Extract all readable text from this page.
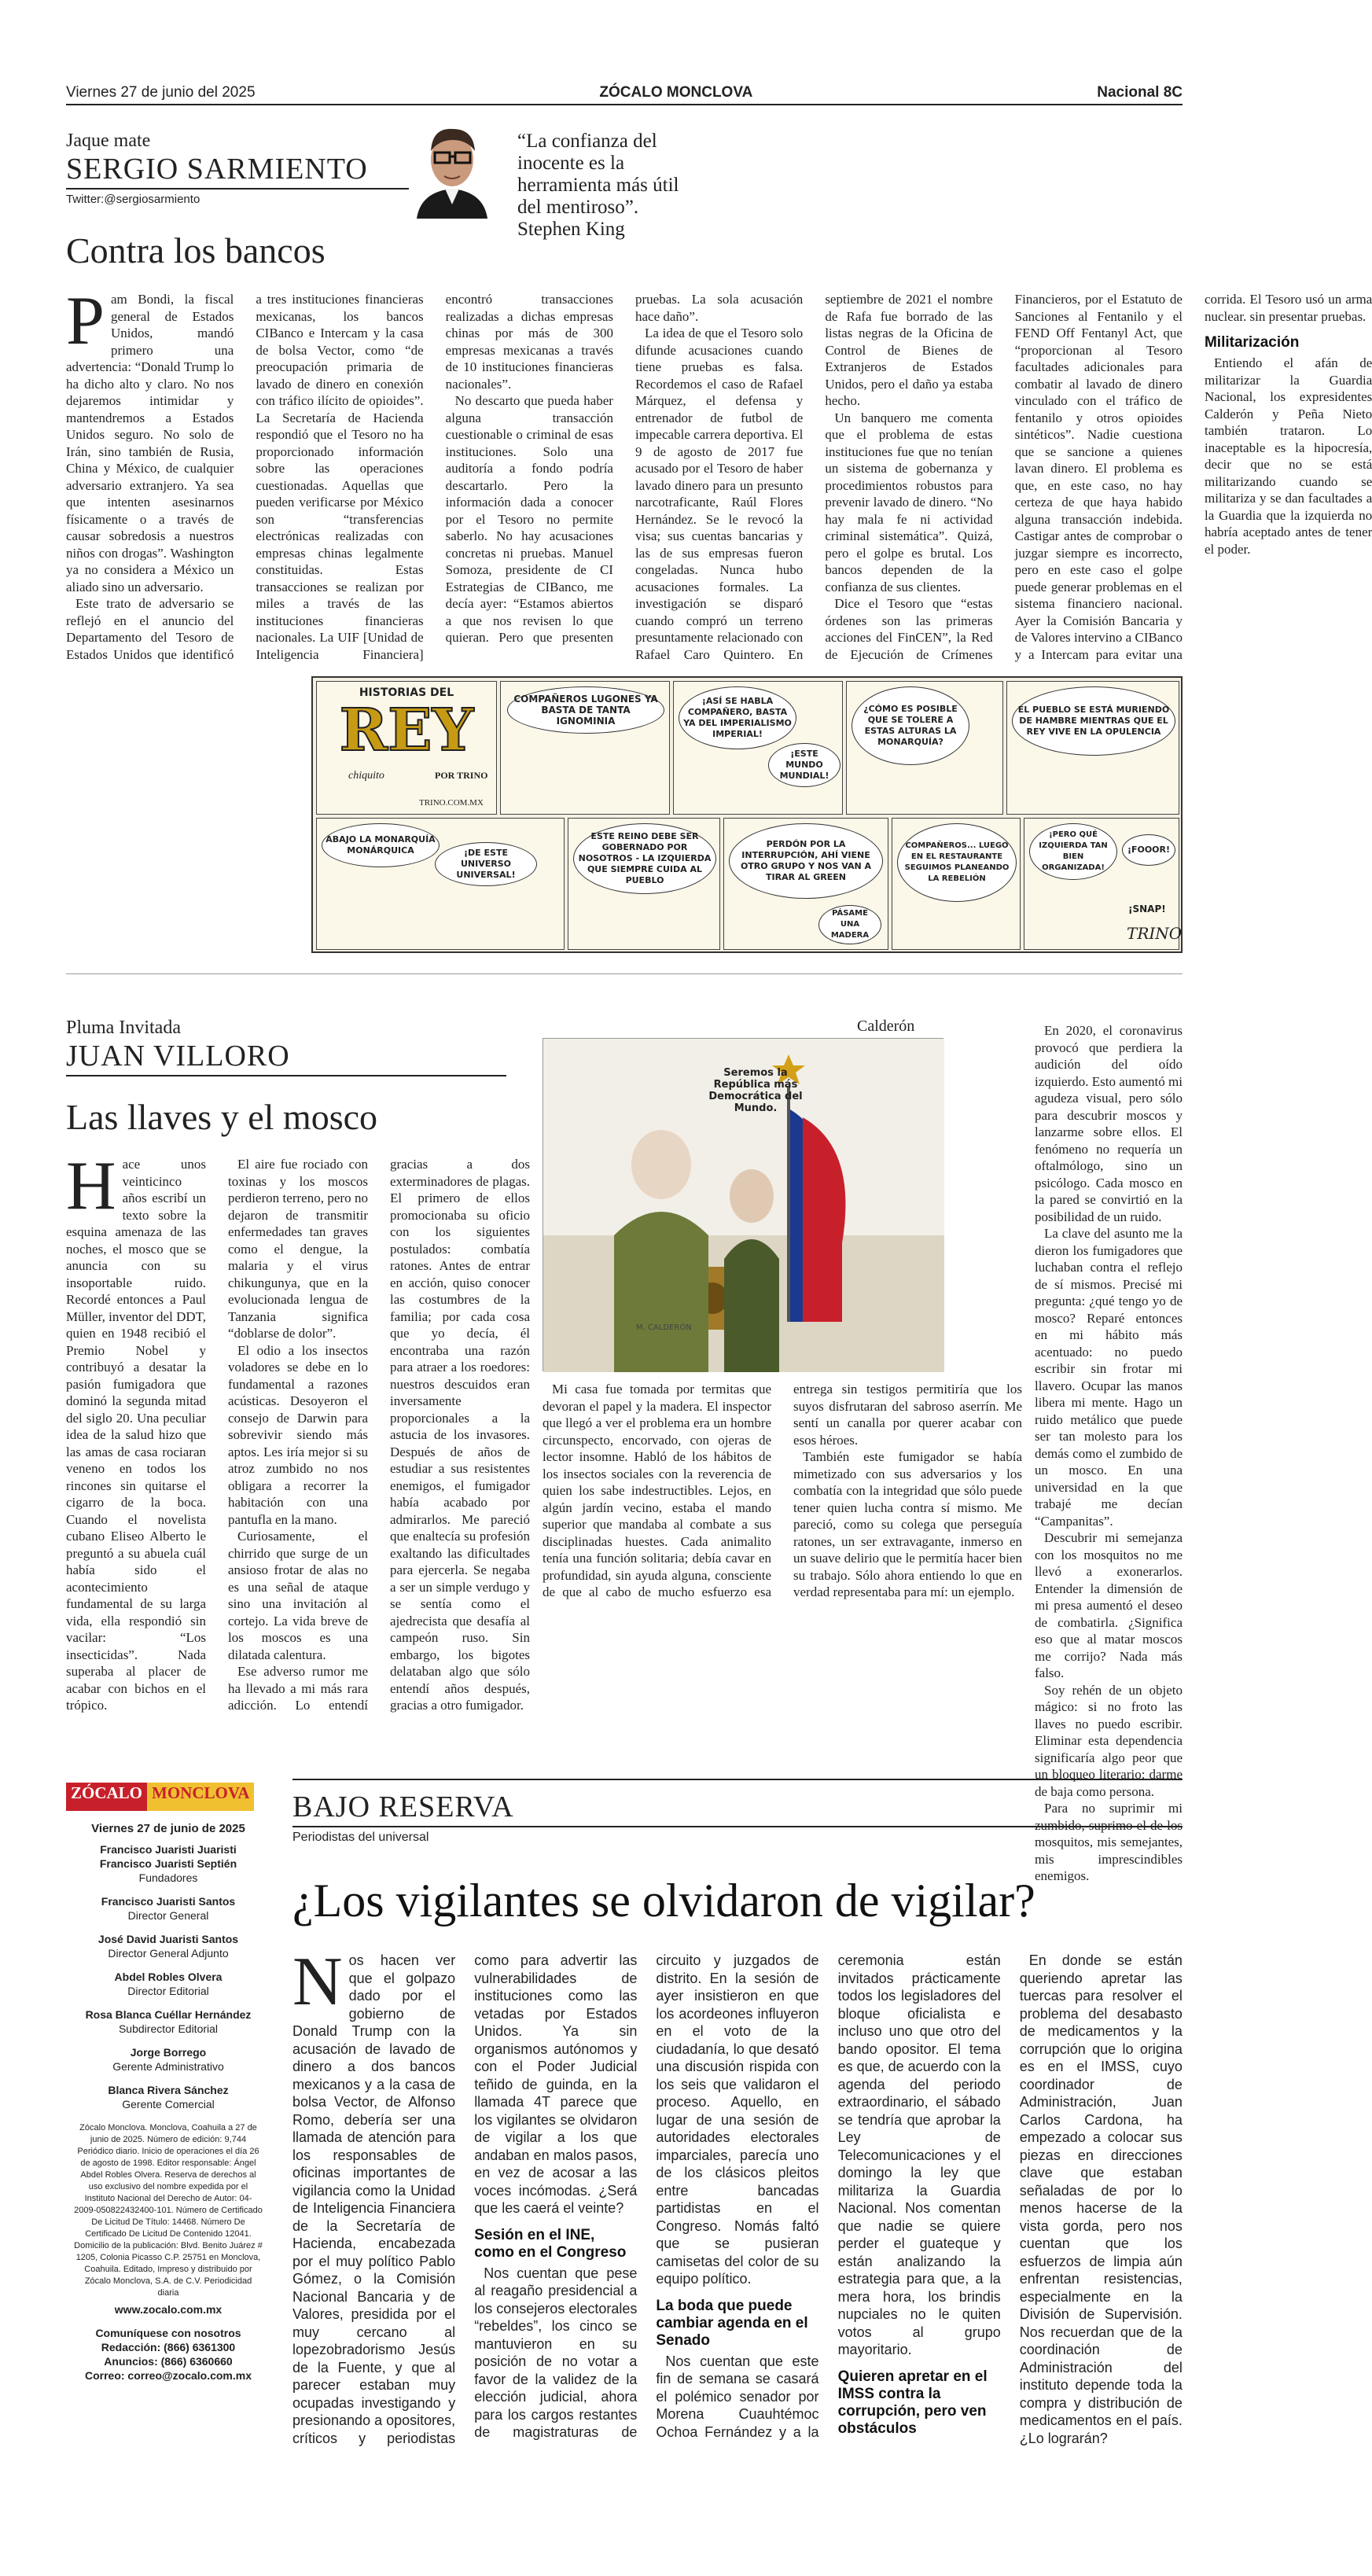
Viernes 27 de junio del 2025	ZÓCALO MONCLOVA	Nacional 8C
Jaque mate
SERGIO SARMIENTO
Twitter:@sergiosarmiento
“La confianza del inocente es la herramienta más útil del mentiroso”.
Stephen King
Contra los bancos

Pam Bondi, la fiscal general de Estados Unidos, mandó primero una advertencia: “Donald Trump lo ha dicho alto y claro. No nos dejaremos intimidar y mantendremos a Estados Unidos seguro. No solo de Irán, sino también de Rusia, China y México, de cualquier adversario extranjero. Ya sea que intenten asesinarnos físicamente o a través de causar sobredosis a nuestros niños con drogas”. Washington ya no considera a México un aliado sino un adversario.

Este trato de adversario se reflejó en el anuncio del Departamento del Tesoro de Estados Unidos que identificó a tres instituciones financieras mexicanas, los bancos CIBanco e Intercam y la casa de bolsa Vector, como “de preocupación primaria de lavado de dinero en conexión con tráfico ilícito de opioides”. La Secretaría de Hacienda respondió que el Tesoro no ha proporcionado información sobre las operaciones cuestionadas. Aquellas que pueden verificarse por México son “transferencias electrónicas realizadas con empresas chinas legalmente constituidas. Estas transacciones se realizan por miles a través de las instituciones financieras nacionales. La UIF [Unidad de Inteligencia Financiera] encontró transacciones realizadas a dichas empresas chinas por más de 300 empresas mexicanas a través de 10 instituciones financieras nacionales”.

No descarto que pueda haber alguna transacción cuestionable o criminal de esas instituciones. Solo una auditoría a fondo podría descartarlo. Pero la información dada a conocer por el Tesoro no permite saberlo. No hay acusaciones concretas ni pruebas. Manuel Somoza, presidente de CI Estrategias de CIBanco, me decía ayer: “Estamos abiertos a que nos revisen lo que quieran. Pero que presenten pruebas. La sola acusación hace daño”.

La idea de que el Tesoro solo difunde acusaciones cuando tiene pruebas es falsa. Recordemos el caso de Rafael Márquez, el defensa y entrenador de futbol de impecable carrera deportiva. El 9 de agosto de 2017 fue acusado por el Tesoro de haber lavado dinero para un presunto narcotraficante, Raúl Flores Hernández. Se le revocó la visa; sus cuentas bancarias y las de sus empresas fueron congeladas. Nunca hubo acusaciones formales. La investigación se disparó cuando compró un terreno presuntamente relacionado con Rafael Caro Quintero. En septiembre de 2021 el nombre de Rafa fue borrado de las listas negras de la Oficina de Control de Bienes de Extranjeros de Estados Unidos, pero el daño ya estaba hecho.

Un banquero me comenta que el problema de estas instituciones fue que no tenían un sistema de gobernanza y procedimientos robustos para prevenir lavado de dinero. “No hay mala fe ni actividad criminal sistemática”. Quizá, pero el golpe es brutal. Los bancos dependen de la confianza de sus clientes.

Dice el Tesoro que “estas órdenes son las primeras acciones del FinCEN”, la Red de Ejecución de Crímenes Financieros, por el Estatuto de Sanciones al Fentanilo y el FEND Off Fentanyl Act, que “proporcionan al Tesoro facultades adicionales para combatir al lavado de dinero vinculado con el tráfico de fentanilo y otros opioides sintéticos”. Nadie cuestiona que se sancione a quienes lavan dinero. El problema es que, en este caso, no hay certeza de que haya habido alguna transacción indebida. Castigar antes de comprobar o juzgar siempre es incorrecto, pero en este caso el golpe puede generar problemas en el sistema financiero nacional. Ayer la Comisión Bancaria y de Valores intervino a CIBanco y a Intercam para evitar una corrida. El Tesoro usó un arma nuclear. sin presentar pruebas.

Militarización

Entiendo el afán de militarizar la Guardia Nacional, los expresidentes Calderón y Peña Nieto también trataron. Lo inaceptable es la hipocresía, decir que no se está militarizando cuando se militariza y se dan facultades a la Guardia que la izquierda no habría aceptado antes de tener el poder.

HISTORIAS DEL
REY
chiquito	POR TRINO
TRINO.COM.MX
COMPAÑEROS LUGONES YA BASTA DE TANTA IGNOMINIA
¡ASÍ SE HABLA COMPAÑERO, BASTA YA DEL IMPERIALISMO IMPERIAL!
¡ESTE MUNDO MUNDIAL!
¿CÓMO ES POSIBLE QUE SE TOLERE A ESTAS ALTURAS LA MONARQUÍA?
EL PUEBLO SE ESTÁ MURIENDO DE HAMBRE MIENTRAS QUE EL REY VIVE EN LA OPULENCIA
ABAJO LA MONARQUÍA MONÁRQUICA	¡DE ESTE UNIVERSO UNIVERSAL!
ESTE REINO DEBE SER GOBERNADO POR NOSOTROS - LA IZQUIERDA QUE SIEMPRE CUIDA AL PUEBLO
PERDÓN POR LA INTERRUPCIÓN, AHÍ VIENE OTRO GRUPO Y NOS VAN A TIRAR AL GREEN
PÁSAME UNA MADERA
COMPAÑEROS... LUEGO EN EL RESTAURANTE SEGUIMOS PLANEANDO LA REBELIÓN
¡PERO QUÉ IZQUIERDA TAN BIEN ORGANIZADA!
¡FOOOR!
¡SNAP!
TRINO
Pluma Invitada
JUAN VILLORO
Las llaves y el mosco
Calderón
M. CALDERÓN
Seremos la República más Democrática del Mundo.

Hace unos veinticinco años escribí un texto sobre la esquina amenaza de las noches, el mosco que se anuncia con su insoportable ruido. Recordé entonces a Paul Müller, inventor del DDT, quien en 1948 recibió el Premio Nobel y contribuyó a desatar la pasión fumigadora que dominó la segunda mitad del siglo 20. Una peculiar idea de la salud hizo que las amas de casa rociaran veneno en todos los rincones sin quitarse el cigarro de la boca. Cuando el novelista cubano Eliseo Alberto le preguntó a su abuela cuál había sido el acontecimiento fundamental de su larga vida, ella respondió sin vacilar: “Los insecticidas”. Nada superaba al placer de acabar con bichos en el trópico.

El aire fue rociado con toxinas y los moscos perdieron terreno, pero no dejaron de transmitir enfermedades tan graves como el dengue, la malaria y el virus chikungunya, que en la evolucionada lengua de Tanzania significa “doblarse de dolor”.

El odio a los insectos voladores se debe en lo fundamental a razones acústicas. Desoyeron el consejo de Darwin para sobrevivir siendo más aptos. Les iría mejor si su atroz zumbido no nos obligara a recorrer la habitación con una pantufla en la mano.

Curiosamente, el chirrido que surge de un ansioso frotar de alas no es una señal de ataque sino una invitación al cortejo. La vida breve de los moscos es una dilatada calentura.

Ese adverso rumor me ha llevado a mi más rara adicción. Lo entendí gracias a dos exterminadores de plagas. El primero de ellos promocionaba su oficio con los siguientes postulados: combatía ratones. Antes de entrar en acción, quiso conocer las costumbres de la familia; por cada cosa que yo decía, él encontraba una razón para atraer a los roedores: nuestros descuidos eran inversamente proporcionales a la astucia de los invasores. Después de años de estudiar a sus resistentes enemigos, el fumigador había acabado por admirarlos. Me pareció que enaltecía su profesión exaltando las dificultades para ejercerla. Se negaba a ser un simple verdugo y se sentía como el ajedrecista que desafía al campeón ruso. Sin embargo, los bigotes delataban algo que sólo entendí años después, gracias a otro fumigador.

Mi casa fue tomada por termitas que devoran el papel y la madera. El inspector que llegó a ver el problema era un hombre circunspecto, encorvado, con ojeras de lector insomne. Habló de los hábitos de los insectos sociales con la reverencia de quien los sabe indestructibles. Lejos, en algún jardín vecino, estaba el mando superior que mandaba al combate a sus disciplinadas huestes. Cada animalito tenía una función solitaria; debía cavar en profundidad, sin ayuda alguna, consciente de que al cabo de mucho esfuerzo esa entrega sin testigos permitiría que los suyos disfrutaran del sabroso aserrín. Me sentí un canalla por querer acabar con esos héroes.

También este fumigador se había mimetizado con sus adversarios y los combatía con la integridad que sólo puede tener quien lucha contra sí mismo. Me pareció, como su colega que perseguía ratones, un ser extravagante, inmerso en un suave delirio que le permitía hacer bien su trabajo. Sólo ahora entiendo lo que en verdad representaba para mí: un ejemplo.

En 2020, el coronavirus provocó que perdiera la audición del oído izquierdo. Esto aumentó mi agudeza visual, pero sólo para descubrir moscos y lanzarme sobre ellos. El fenómeno no requería un oftalmólogo, sino un psicólogo. Cada mosco en la pared se convirtió en la posibilidad de un ruido.

La clave del asunto me la dieron los fumigadores que luchaban contra el reflejo de sí mismos. Precisé mi pregunta: ¿qué tengo yo de mosco? Reparé entonces en mi hábito más acentuado: no puedo escribir sin frotar mi llavero. Ocupar las manos libera mi mente. Hago un ruido metálico que puede ser tan molesto para los demás como el zumbido de un mosco. En una universidad en la que trabajé me decían “Campanitas”.

Descubrir mi semejanza con los mosquitos no me llevó a exonerarlos. Entender la dimensión de mi presa aumentó el deseo de combatirla. ¿Significa eso que al matar moscos me corrijo? Nada más falso.

Soy rehén de un objeto mágico: si no froto las llaves no puedo escribir. Eliminar esta dependencia significaría algo peor que un bloqueo literario: darme de baja como persona.

Para no suprimir mi zumbido, suprimo el de los mosquitos, mis semejantes, mis imprescindibles enemigos.

ZÓCALO MONCLOVA
Viernes 27 de junio de 2025
Francisco Juaristi Juaristi
Francisco Juaristi Septién
Fundadores
Francisco Juaristi Santos
Director General
José David Juaristi Santos
Director General Adjunto
Abdel Robles Olvera
Director Editorial
Rosa Blanca Cuéllar Hernández
Subdirector Editorial
Jorge Borrego
Gerente Administrativo
Blanca Rivera Sánchez
Gerente Comercial
Zócalo Monclova. Monclova, Coahuila a 27 de junio de 2025. Número de edición: 9,744 Periódico diario. Inicio de operaciones el día 26 de agosto de 1998. Editor responsable: Ángel Abdel Robles Olvera. Reserva de derechos al uso exclusivo del nombre expedida por el Instituto Nacional del Derecho de Autor: 04-2009-050822432400-101. Número de Certificado De Licitud De Título: 14468. Número De Certificado De Licitud De Contenido 12041. Domicilio de la publicación: Blvd. Benito Juárez # 1205, Colonia Picasso C.P. 25751 en Monclova, Coahuila. Editado, Impreso y distribuido por Zócalo Monclova, S.A. de C.V. Periodicidad diaria
www.zocalo.com.mx
Comuníquese con nosotros
Redacción: (866) 6361300
Anuncios: (866) 6360660
Correo: correo@zocalo.com.mx
BAJO RESERVA
Periodistas del universal
¿Los vigilantes se olvidaron de vigilar?

Nos hacen ver que el golpazo dado por el gobierno de Donald Trump con la acusación de lavado de dinero a dos bancos mexicanos y a la casa de bolsa Vector, de Alfonso Romo, debería ser una llamada de atención para los responsables de oficinas importantes de vigilancia como la Unidad de Inteligencia Financiera de la Secretaría de Hacienda, encabezada por el muy político Pablo Gómez, o la Comisión Nacional Bancaria y de Valores, presidida por el muy cercano al lopezobradorismo Jesús de la Fuente, y que al parecer estaban muy ocupadas investigando y presionando a opositores, críticos y periodistas como para advertir las vulnerabilidades de instituciones como las vetadas por Estados Unidos. Ya sin organismos autónomos y con el Poder Judicial teñido de guinda, en la llamada 4T parece que los vigilantes se olvidaron de vigilar a los que andaban en malos pasos, en vez de acosar a las voces incómodas. ¿Será que les caerá el veinte?

Sesión en el INE, como en el Congreso

Nos cuentan que pese al reagaño presidencial a los consejeros electorales “rebeldes”, los cinco se mantuvieron en su posición de no votar a favor de la validez de la elección judicial, ahora para los cargos restantes de magistraturas de circuito y juzgados de distrito. En la sesión de ayer insistieron en que los acordeones influyeron en el voto de la ciudadanía, lo que desató una discusión rispida con los seis que validaron el proceso. Aquello, en lugar de una sesión de autoridades electorales imparciales, parecía uno de los clásicos pleitos entre bancadas partidistas en el Congreso. Nomás faltó que se pusieran camisetas del color de su equipo político.

La boda que puede cambiar agenda en el Senado

Nos cuentan que este fin de semana se casará el polémico senador por Morena Cuauhtémoc Ochoa Fernández y a la ceremonia están invitados prácticamente todos los legisladores del bloque oficialista e incluso uno que otro del bando opositor. El tema es que, de acuerdo con la agenda del periodo extraordinario, el sábado se tendría que aprobar la Ley de Telecomunicaciones y el domingo la ley que militariza la Guardia Nacional. Nos comentan que nadie se quiere perder el guateque y están analizando la estrategia para que, a la mera hora, los brindis nupciales no le quiten votos al grupo mayoritario.

Quieren apretar en el IMSS contra la corrupción, pero ven obstáculos

En donde se están queriendo apretar las tuercas para resolver el problema del desabasto de medicamentos y la corrupción que lo origina es en el IMSS, cuyo coordinador de Administración, Juan Carlos Cardona, ha empezado a colocar sus piezas en direcciones clave que estaban señaladas de por lo menos hacerse de la vista gorda, pero nos cuentan que los esfuerzos de limpia aún enfrentan resistencias, especialmente en la División de Supervisión. Nos recuerdan que de la coordinación de Administración del instituto depende toda la compra y distribución de medicamentos en el país. ¿Lo lograrán?
